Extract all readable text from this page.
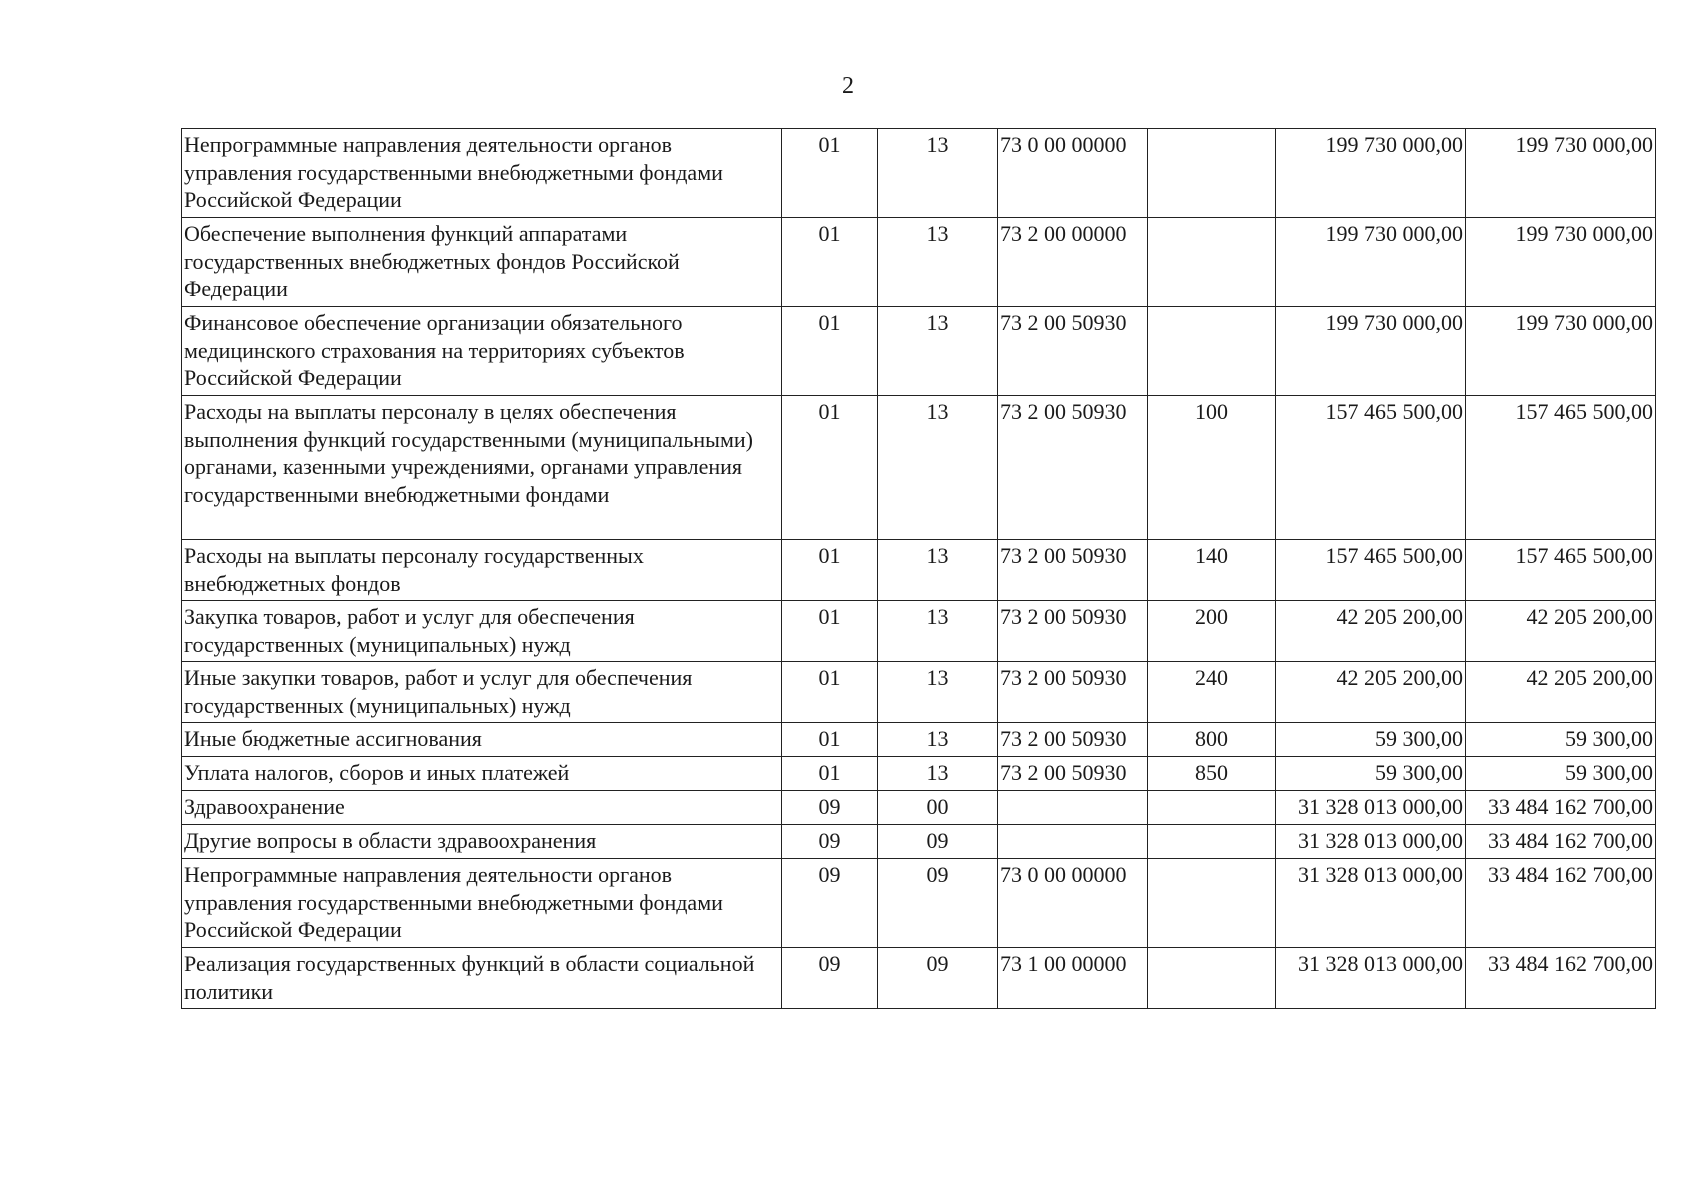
2
Непрограммные направления деятельности органов управления государственными внебюджетными фондами Российской Федерации	01	13	73 0 00 00000		199 730 000,00	199 730 000,00
Обеспечение выполнения функций аппаратами государственных внебюджетных фондов Российской Федерации	01	13	73 2 00 00000		199 730 000,00	199 730 000,00
Финансовое обеспечение организации обязательного медицинского страхования на территориях субъектов Российской Федерации	01	13	73 2 00 50930		199 730 000,00	199 730 000,00
Расходы на выплаты персоналу в целях обеспечения выполнения функций государственными (муниципальными) органами, казенными учреждениями, органами управления государственными внебюджетными фондами	01	13	73 2 00 50930	100	157 465 500,00	157 465 500,00
Расходы на выплаты персоналу государственных внебюджетных фондов	01	13	73 2 00 50930	140	157 465 500,00	157 465 500,00
Закупка товаров, работ и услуг для обеспечения государственных (муниципальных) нужд	01	13	73 2 00 50930	200	42 205 200,00	42 205 200,00
Иные закупки товаров, работ и услуг для обеспечения государственных (муниципальных) нужд	01	13	73 2 00 50930	240	42 205 200,00	42 205 200,00
Иные бюджетные ассигнования	01	13	73 2 00 50930	800	59 300,00	59 300,00
Уплата налогов, сборов и иных платежей	01	13	73 2 00 50930	850	59 300,00	59 300,00
Здравоохранение	09	00			31 328 013 000,00	33 484 162 700,00
Другие вопросы в области здравоохранения	09	09			31 328 013 000,00	33 484 162 700,00
Непрограммные направления деятельности органов управления государственными внебюджетными фондами Российской Федерации	09	09	73 0 00 00000		31 328 013 000,00	33 484 162 700,00
Реализация государственных функций в области социальной политики	09	09	73 1 00 00000		31 328 013 000,00	33 484 162 700,00
